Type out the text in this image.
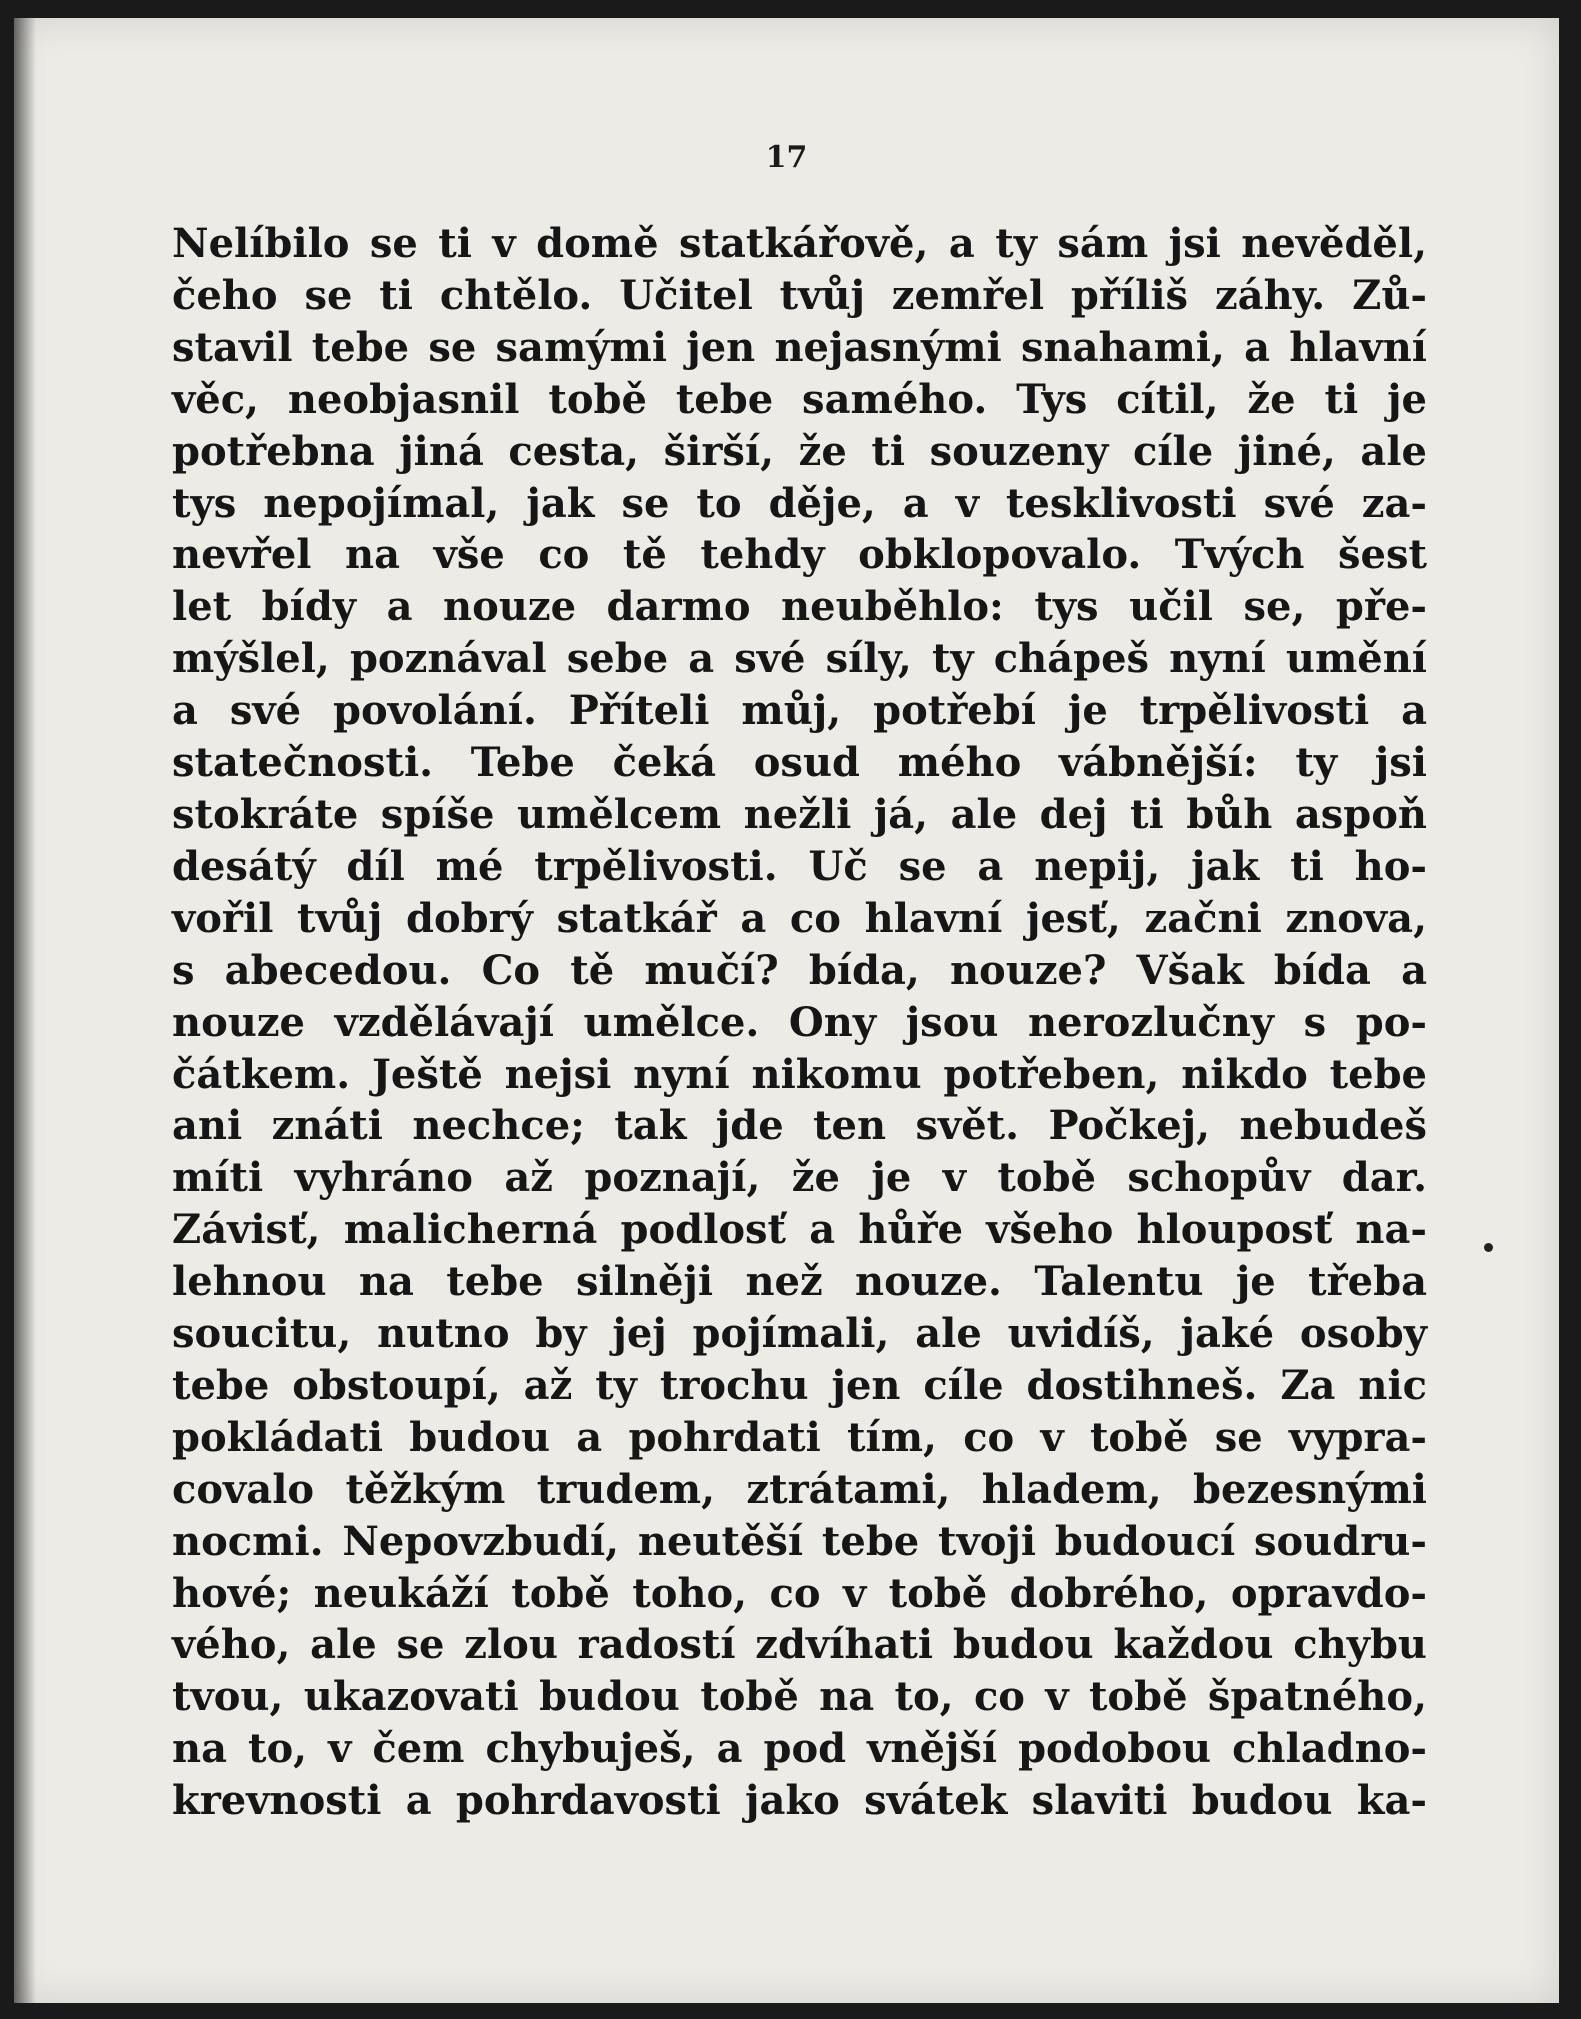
17

Nelíbilo se ti v domě statkářově, a ty sám jsi nevěděl,
čeho se ti chtělo. Učitel tvůj zemřel příliš záhy. Zů-
stavil tebe se samými jen nejasnými snahami, a hlavní
věc, neobjasnil tobě tebe samého. Tys cítil, že ti je
potřebna jiná cesta, širší, že ti souzeny cíle jiné, ale
tys nepojímal, jak se to děje, a v tesklivosti své za-
nevřel na vše co tě tehdy obklopovalo. Tvých šest
let bídy a nouze darmo neuběhlo: tys učil se, pře-
mýšlel, poznával sebe a své síly, ty chápeš nyní umění
a své povolání. Příteli můj, potřebí je trpělivosti a
statečnosti. Tebe čeká osud mého vábnější: ty jsi
stokráte spíše umělcem nežli já, ale dej ti bůh aspoň
desátý díl mé trpělivosti. Uč se a nepij, jak ti ho-
vořil tvůj dobrý statkář a co hlavní jesť, začni znova,
s abecedou. Co tě mučí? bída, nouze? Však bída a
nouze vzdělávají umělce. Ony jsou nerozlučny s po-
čátkem. Ještě nejsi nyní nikomu potřeben, nikdo tebe
ani znáti nechce; tak jde ten svět. Počkej, nebudeš
míti vyhráno až poznají, že je v tobě schopův dar.
Závisť, malicherná podlosť a hůře všeho hlouposť na-
lehnou na tebe silněji než nouze. Talentu je třeba
soucitu, nutno by jej pojímali, ale uvidíš, jaké osoby
tebe obstoupí, až ty trochu jen cíle dostihneš. Za nic
pokládati budou a pohrdati tím, co v tobě se vypra-
covalo těžkým trudem, ztrátami, hladem, bezesnými
nocmi. Nepovzbudí, neutěší tebe tvoji budoucí soudru-
hové; neukáží tobě toho, co v tobě dobrého, opravdo-
vého, ale se zlou radostí zdvíhati budou každou chybu
tvou, ukazovati budou tobě na to, co v tobě špatného,
na to, v čem chybuješ, a pod vnější podobou chladno-
krevnosti a pohrdavosti jako svátek slaviti budou ka-
